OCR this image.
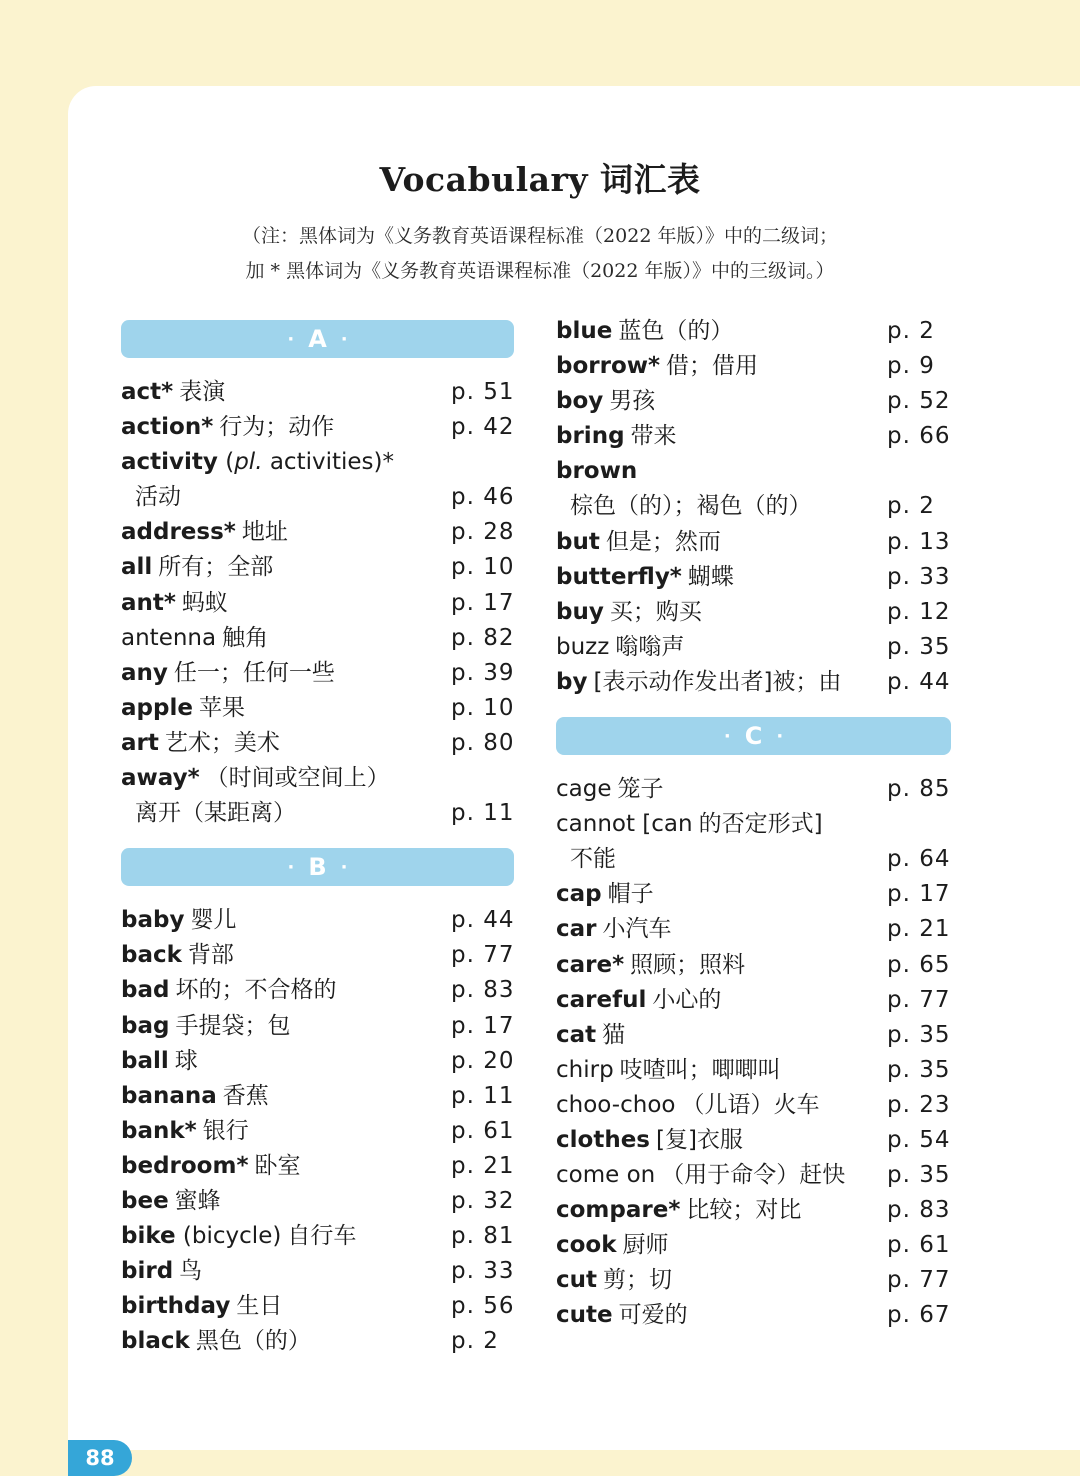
Vocabulary 词汇表
（注：黑体词为《义务教育英语课程标准（2022 年版）》中的二级词；
加 * 黑体词为《义务教育英语课程标准（2022 年版）》中的三级词。）
· A ·
act* 表演	p. 51
action* 行为；动作	p. 42
activity (pl. activities)*
活动	p. 46
address* 地址	p. 28
all 所有；全部	p. 10
ant* 蚂蚁	p. 17
antenna 触角	p. 82
any 任一；任何一些	p. 39
apple 苹果	p. 10
art 艺术；美术	p. 80
away* （时间或空间上）
离开（某距离）	p. 11
· B ·
baby 婴儿	p. 44
back 背部	p. 77
bad 坏的；不合格的	p. 83
bag 手提袋；包	p. 17
ball 球	p. 20
banana 香蕉	p. 11
bank* 银行	p. 61
bedroom* 卧室	p. 21
bee 蜜蜂	p. 32
bike (bicycle) 自行车	p. 81
bird 鸟	p. 33
birthday 生日	p. 56
black 黑色（的）	p. 2
blue 蓝色（的）	p. 2
borrow* 借；借用	p. 9
boy 男孩	p. 52
bring 带来	p. 66
brown
棕色（的）；褐色（的）	p. 2
but 但是；然而	p. 13
butterfly* 蝴蝶	p. 33
buy 买；购买	p. 12
buzz 嗡嗡声	p. 35
by [表示动作发出者]被；由 p. 44
· C ·
cage 笼子	p. 85
cannot [can 的否定形式]
不能	p. 64
cap 帽子	p. 17
car 小汽车	p. 21
care* 照顾；照料	p. 65
careful 小心的	p. 77
cat 猫	p. 35
chirp 吱喳叫；唧唧叫	p. 35
choo-choo （儿语）火车	p. 23
clothes [复]衣服	p. 54
come on （用于命令）赶快 p. 35
compare* 比较；对比	p. 83
cook 厨师	p. 61
cut 剪；切	p. 77
cute 可爱的	p. 67
88
